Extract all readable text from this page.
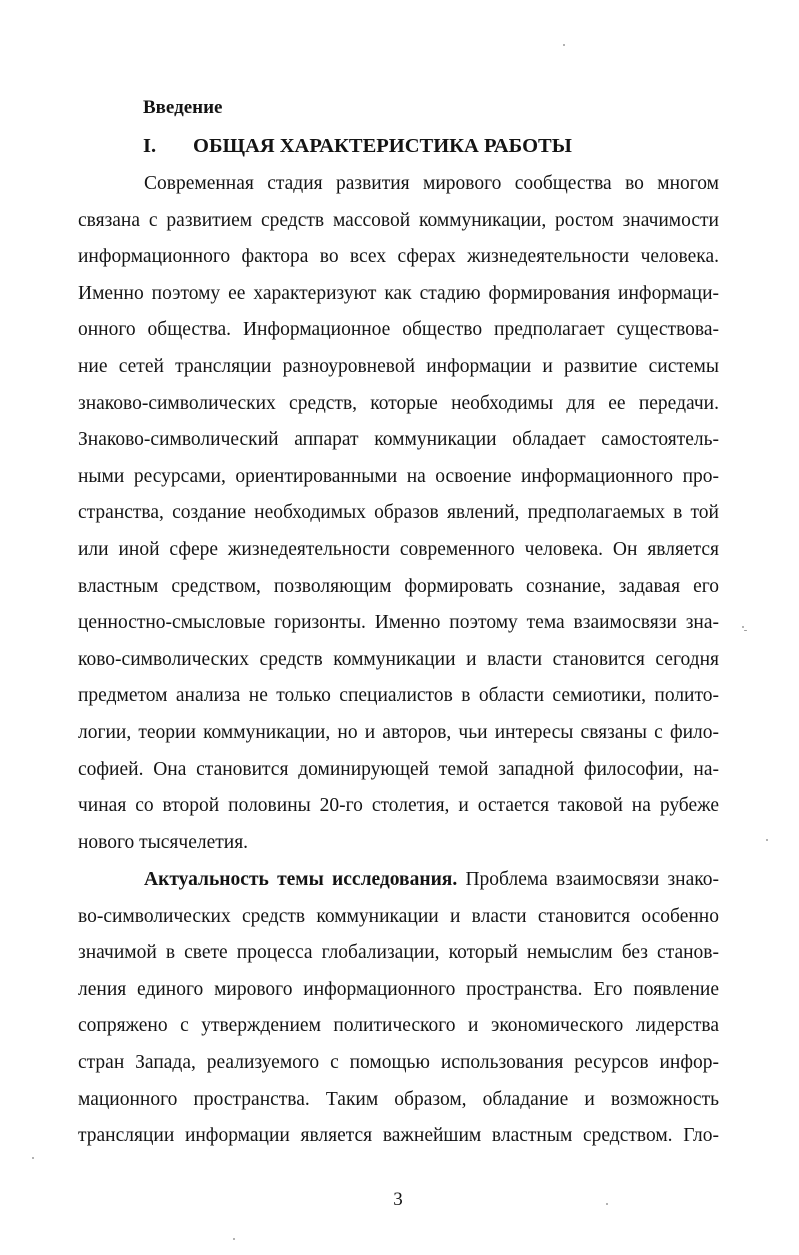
Введение
I. ОБЩАЯ ХАРАКТЕРИСТИКА РАБОТЫ
Современная стадия развития мирового сообщества во многом
связана с развитием средств массовой коммуникации, ростом значимости
информационного фактора во всех сферах жизнедеятельности человека.
Именно поэтому ее характеризуют как стадию формирования информаци-
онного общества. Информационное общество предполагает существова-
ние сетей трансляции разноуровневой информации и развитие системы
знаково-символических средств, которые необходимы для ее передачи.
Знаково-символический аппарат коммуникации обладает самостоятель-
ными ресурсами, ориентированными на освоение информационного про-
странства, создание необходимых образов явлений, предполагаемых в той
или иной сфере жизнедеятельности современного человека. Он является
властным средством, позволяющим формировать сознание, задавая его
ценностно-смысловые горизонты. Именно поэтому тема взаимосвязи зна-
ково-символических средств коммуникации и власти становится сегодня
предметом анализа не только специалистов в области семиотики, полито-
логии, теории коммуникации, но и авторов, чьи интересы связаны с фило-
софией. Она становится доминирующей темой западной философии, на-
чиная со второй половины 20-го столетия, и остается таковой на рубеже
нового тысячелетия.
Актуальность темы исследования. Проблема взаимосвязи знако-
во-символических средств коммуникации и власти становится особенно
значимой в свете процесса глобализации, который немыслим без станов-
ления единого мирового информационного пространства. Его появление
сопряжено с утверждением политического и экономического лидерства
стран Запада, реализуемого с помощью использования ресурсов инфор-
мационного пространства. Таким образом, обладание и возможность
трансляции информации является важнейшим властным средством. Гло-
3
